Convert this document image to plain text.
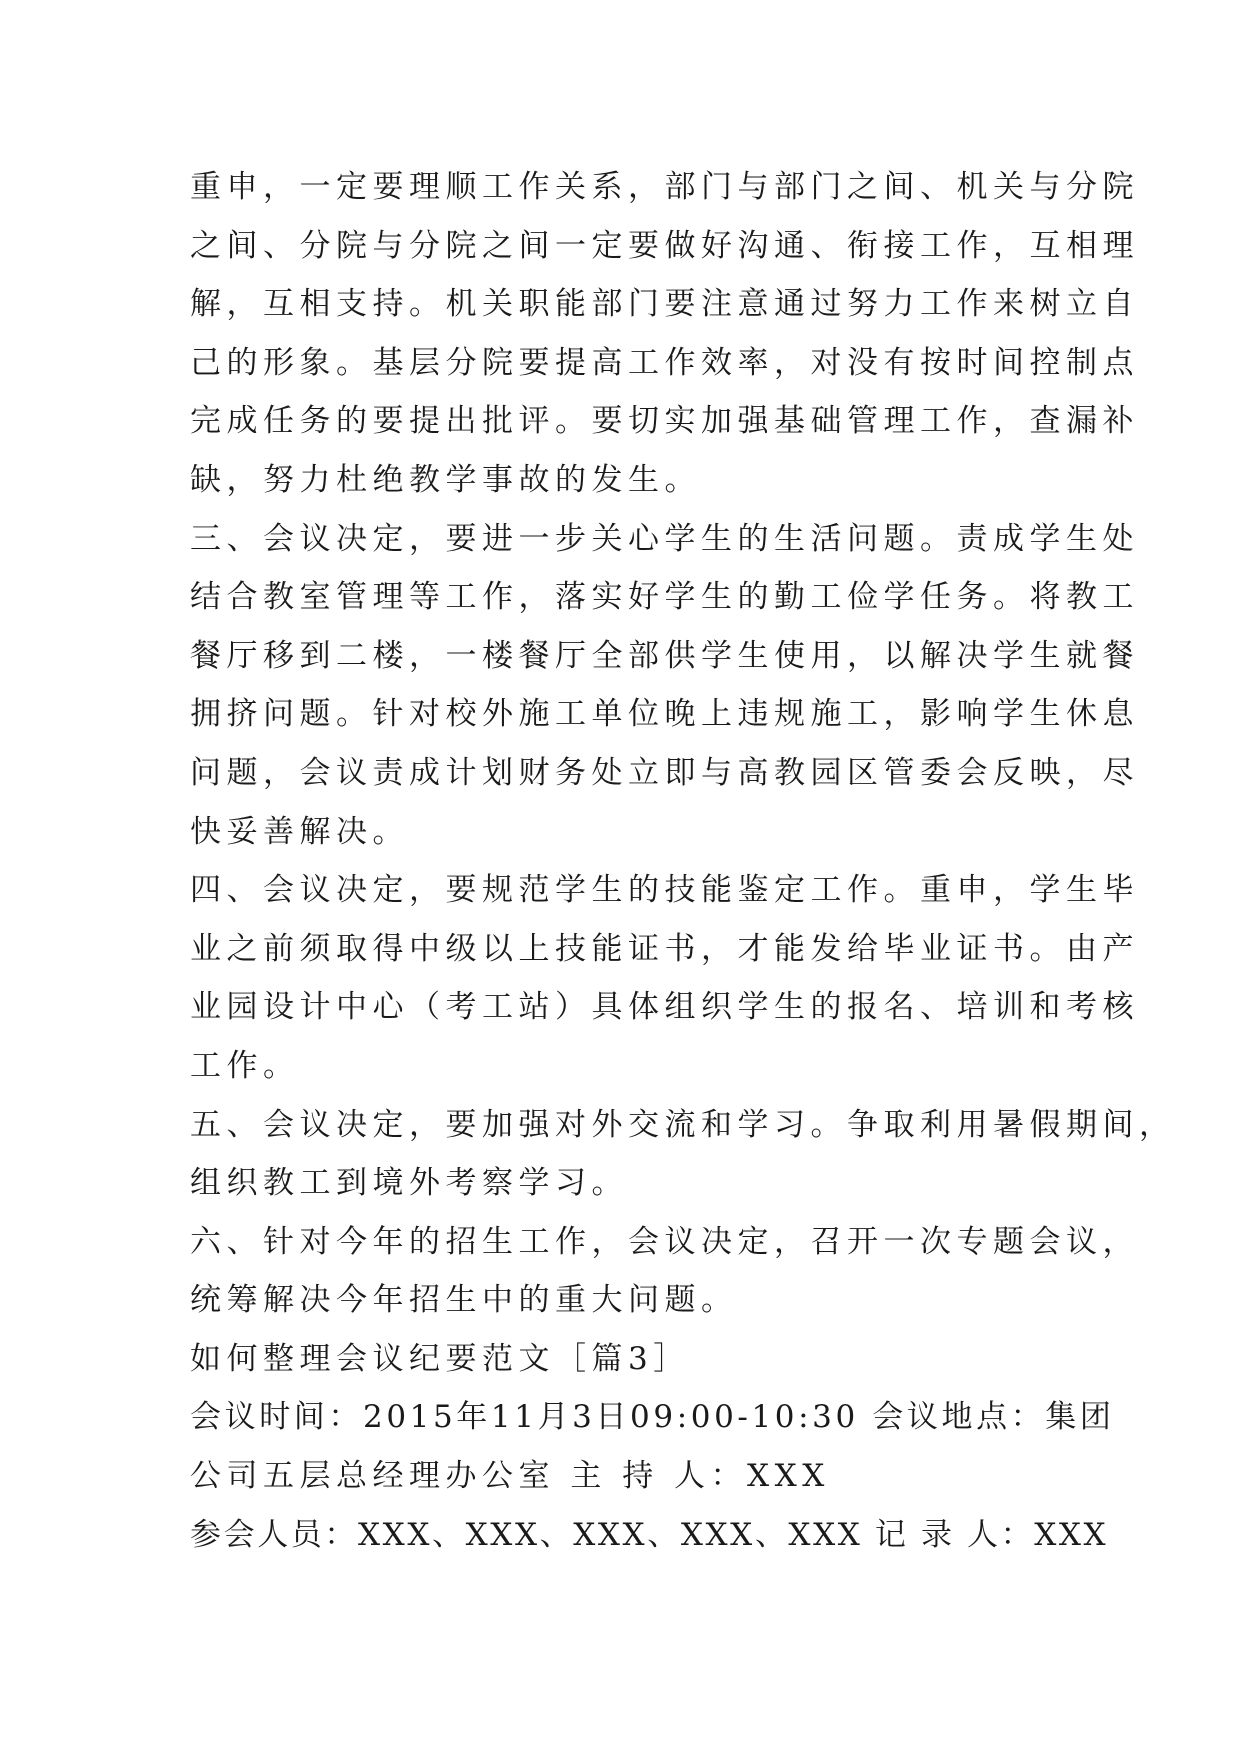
重申，一定要理顺工作关系，部门与部门之间、机关与分院
之间、分院与分院之间一定要做好沟通、衔接工作，互相理
解，互相支持。机关职能部门要注意通过努力工作来树立自
己的形象。基层分院要提高工作效率，对没有按时间控制点
完成任务的要提出批评。要切实加强基础管理工作，查漏补
缺，努力杜绝教学事故的发生。
三、会议决定，要进一步关心学生的生活问题。责成学生处
结合教室管理等工作，落实好学生的勤工俭学任务。将教工
餐厅移到二楼，一楼餐厅全部供学生使用，以解决学生就餐
拥挤问题。针对校外施工单位晚上违规施工，影响学生休息
问题，会议责成计划财务处立即与高教园区管委会反映，尽
快妥善解决。
四、会议决定，要规范学生的技能鉴定工作。重申，学生毕
业之前须取得中级以上技能证书，才能发给毕业证书。由产
业园设计中心（考工站）具体组织学生的报名、培训和考核
工作。
五、会议决定，要加强对外交流和学习。争取利用暑假期间，
组织教工到境外考察学习。
六、针对今年的招生工作，会议决定，召开一次专题会议，
统筹解决今年招生中的重大问题。
如何整理会议纪要范文［篇3］
会议时间：2015年11月3日09:00-10:30 会议地点：集团
公司五层总经理办公室 主 持 人：XXX
参会人员：XXX、XXX、XXX、XXX、XXX 记 录 人：XXX
